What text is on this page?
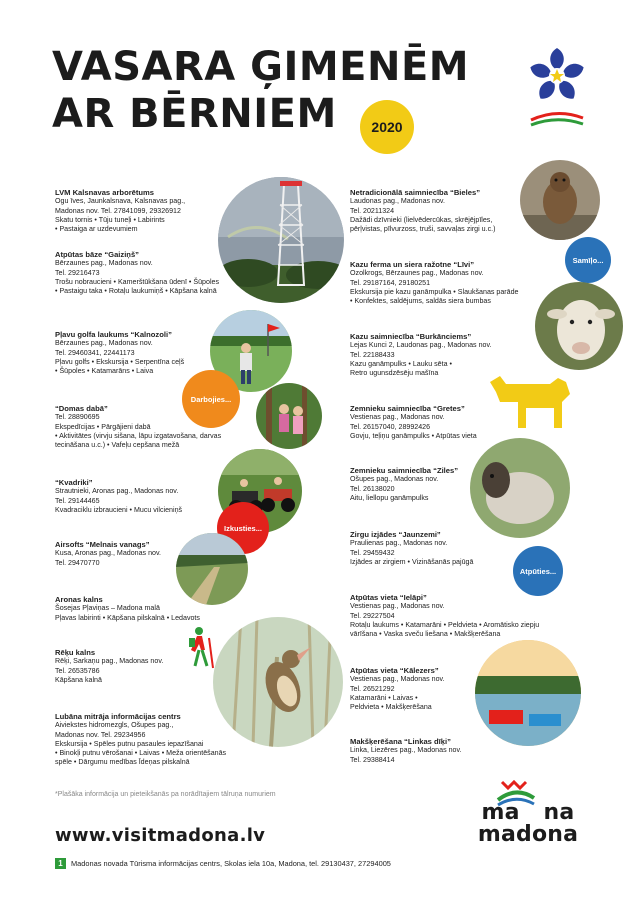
VASARA ĢIMENĒM
AR BĒRNIEM	2020
LVM Kalsnavas arborētums
Ogu īves, Jaunkalsnava, Kalsnavas pag.,
Madonas nov. Tel. 27841099, 29326912
Skatu tornis • Tūju tuneļi • Labirints
• Pastaiga ar uzdevumiem
Atpūtas bāze “Gaiziņš”
Bērzaunes pag., Madonas nov.
Tel. 29216473
Trošu nobraucieni • Kamerštūkšana ūdenī • Šūpoles
• Pastaigu taka • Rotaļu laukumiņš • Kāpšana kalnā
Pļavu golfa laukums “Kalnozoli”
Bērzaunes pag., Madonas nov.
Tel. 29460341, 22441173
Pļavu golfs • Ekskursija • Serpentīna ceļš
• Šūpoles • Katamarāns • Laiva
“Domas dabā”
Tel. 28890695
Ekspedīcijas • Pārgājieni dabā
• Aktivitātes (virvju sišana, lāpu izgatavošana, darvas
tecināšana u.c.) • Vafeļu cepšana mežā
“Kvadriki”
Strautnieki, Aronas pag., Madonas nov.
Tel. 29144465
Kvadraciklu izbraucieni • Mucu vilcieniņš
Airsofts “Melnais vanags”
Kusa, Aronas pag., Madonas nov.
Tel. 29470770
Aronas kalns
Šosejas Pļaviņas – Madona malā
Pļavas labirinti • Kāpšana pilskalnā • Ledavots
Rēķu kalns
Rēķi, Sarkaņu pag., Madonas nov.
Tel. 26535786
Kāpšana kalnā
Lubāna mitrāja informācijas centrs
Aiviekstes hidromezgls, Ošupes pag.,
Madonas nov. Tel. 29234956
Ekskursija • Spēles putnu pasaules iepazīšanai
• Binokļi putnu vērošanai • Laivas • Meža orientēšanās
spēle • Dārgumu medības Īdeņas pilskalnā
Netradicionālā saimniecība “Bieles”
Laudonas pag., Madonas nov.
Tel. 20211324
Dažādi dzīvnieki (lielvēdercūkas, skrējējpīles,
pērļvistas, pīlvurzoss, truši, savvaļas zirgi u.c.)
Kazu ferma un siera ražotne “Līvi”
Ozolkrogs, Bērzaunes pag., Madonas nov.
Tel. 29187164, 29180251
Ekskursija pie kazu ganāmpulka • Slaukšanas parāde
• Konfektes, saldējums, saldās siera bumbas
Kazu saimniecība “Burkānciems”
Lejas Kunci 2, Laudonas pag., Madonas nov.
Tel. 22188433
Kazu ganāmpulks • Lauku sēta •
Retro ugunsdzēsēju mašīna
Zemnieku saimniecība “Gretes”
Vestienas pag., Madonas nov.
Tel. 26157040, 28992426
Govju, teļiņu ganāmpulks • Atpūtas vieta
Zemnieku saimniecība “Ziles”
Ošupes pag., Madonas nov.
Tel. 26138020
Aitu, liellopu ganāmpulks
Zirgu izjādes “Jaunzemi”
Praulienas pag., Madonas nov.
Tel. 29459432
Izjādes ar zirgiem • Vizināšanās pajūgā
Atpūtas vieta “Ielāpi”
Vestienas pag., Madonas nov.
Tel. 29227504
Rotaļu laukums • Katamarāni • Peldvieta • Aromātisko ziepju
vārīšana • Vaska sveču liešana • Makšķerēšana
Atpūtas vieta “Kālezers”
Vestienas pag., Madonas nov.
Tel. 26521292
Katamarāni • Laivas •
Peldvieta • Makšķerēšana
Makšķerēšana “Linkas dīķi”
Linka, Liezēres pag., Madonas nov.
Tel. 29388414
Samīļo...
Darbojies...
Izkusties...
Atpūties...
*Plašāka informācija un pieteikšanās pa norādītajiem tālruņa numuriem
www.visitmadona.lv
1	Madonas novada Tūrisma informācijas centrs, Skolas iela 10a, Madona, tel. 29130437, 27294005
ma na
madona
